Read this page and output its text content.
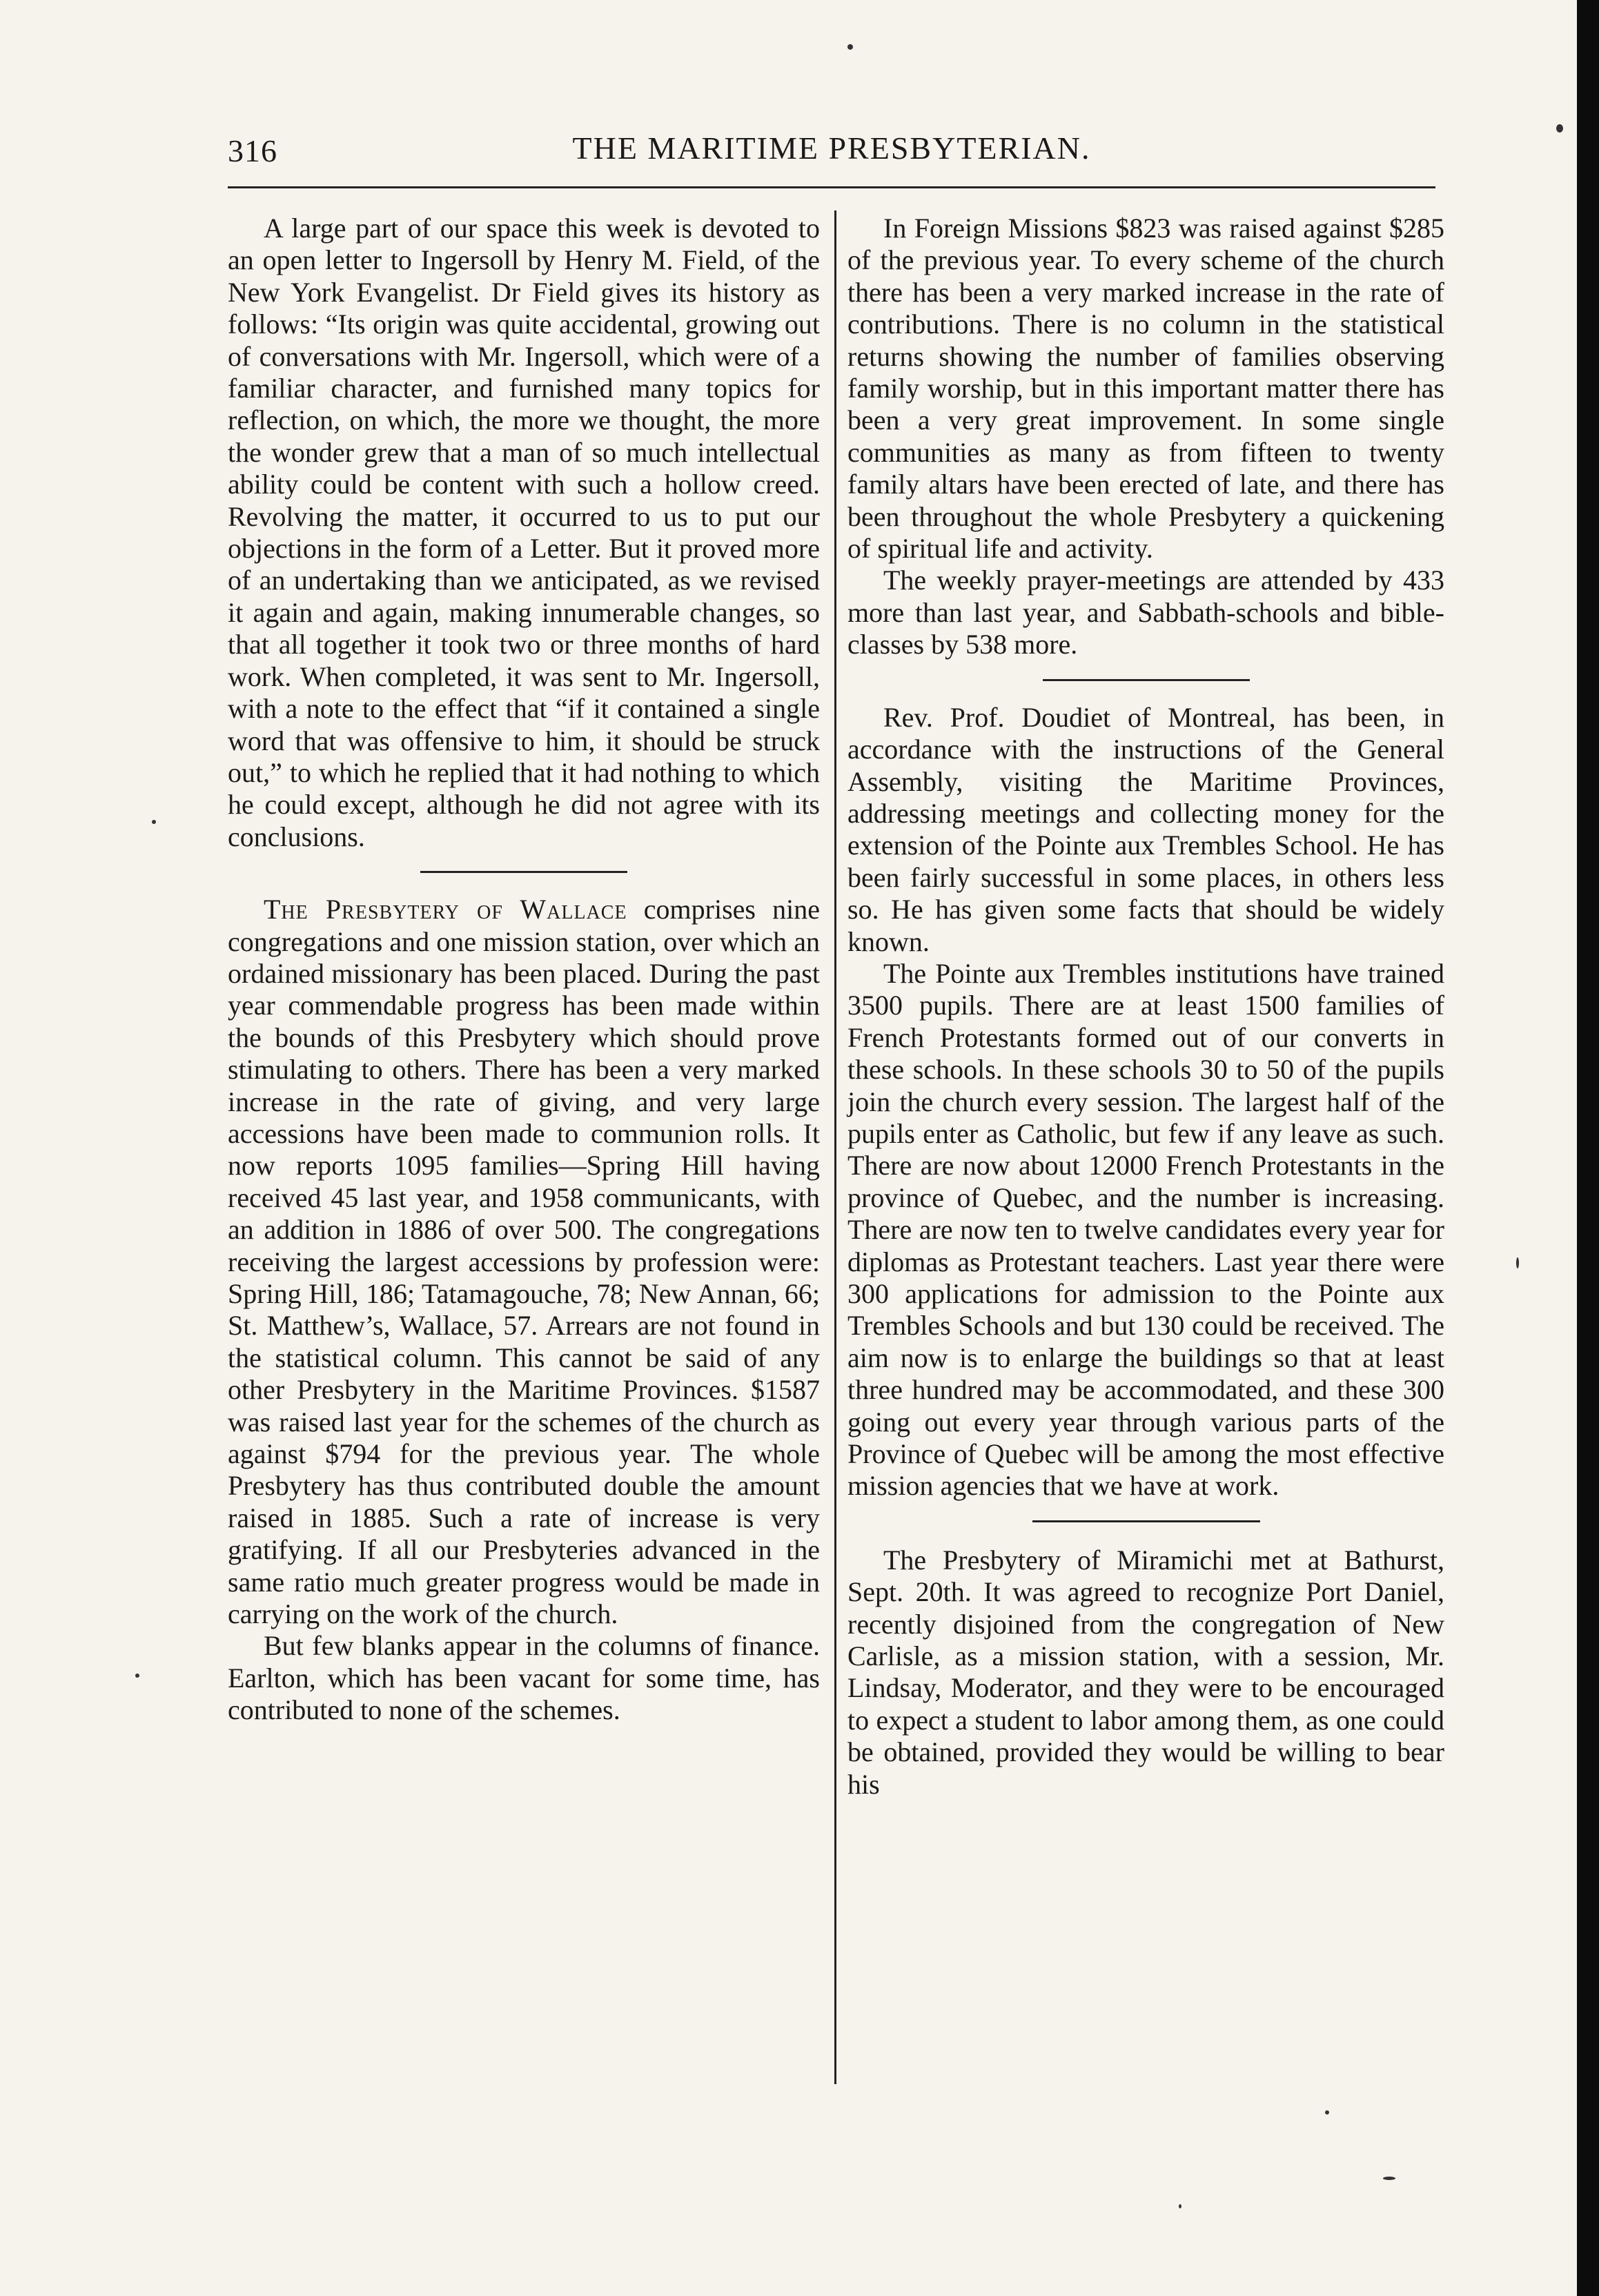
316	THE MARITIME PRESBYTERIAN.

A large part of our space this week is devoted to an open letter to Ingersoll by Henry M. Field, of the New York Evangelist. Dr Field gives its history as follows: “Its origin was quite accidental, growing out of conversations with Mr. Ingersoll, which were of a familiar character, and furnished many topics for reflection, on which, the more we thought, the more the wonder grew that a man of so much intellectual ability could be content with such a hollow creed. Revolving the matter, it occurred to us to put our objections in the form of a Letter. But it proved more of an undertaking than we anticipated, as we revised it again and again, making innumerable changes, so that all together it took two or three months of hard work. When completed, it was sent to Mr. Ingersoll, with a note to the effect that “if it contained a single word that was offensive to him, it should be struck out,” to which he replied that it had nothing to which he could except, although he did not agree with its conclusions.

The Presbytery of Wallace comprises nine congregations and one mission station, over which an ordained missionary has been placed. During the past year commendable progress has been made within the bounds of this Presbytery which should prove stimulating to others. There has been a very marked increase in the rate of giving, and very large accessions have been made to communion rolls. It now reports 1095 families—Spring Hill having received 45 last year, and 1958 communicants, with an addition in 1886 of over 500. The congregations receiving the largest accessions by profession were: Spring Hill, 186; Tatamagouche, 78; New Annan, 66; St. Matthew’s, Wallace, 57. Arrears are not found in the statistical column. This cannot be said of any other Presbytery in the Maritime Provinces. $1587 was raised last year for the schemes of the church as against $794 for the previous year. The whole Presbytery has thus contributed double the amount raised in 1885. Such a rate of increase is very gratifying. If all our Presbyteries advanced in the same ratio much greater progress would be made in carrying on the work of the church.

But few blanks appear in the columns of finance. Earlton, which has been vacant for some time, has contributed to none of the schemes.

In Foreign Missions $823 was raised against $285 of the previous year. To every scheme of the church there has been a very marked increase in the rate of contributions. There is no column in the statistical returns showing the number of families observing family worship, but in this important matter there has been a very great improvement. In some single communities as many as from fifteen to twenty family altars have been erected of late, and there has been throughout the whole Presbytery a quickening of spiritual life and activity.

The weekly prayer-meetings are attended by 433 more than last year, and Sabbath-schools and bible-classes by 538 more.

Rev. Prof. Doudiet of Montreal, has been, in accordance with the instructions of the General Assembly, visiting the Maritime Provinces, addressing meetings and collecting money for the extension of the Pointe aux Trembles School. He has been fairly successful in some places, in others less so. He has given some facts that should be widely known.

The Pointe aux Trembles institutions have trained 3500 pupils. There are at least 1500 families of French Protestants formed out of our converts in these schools. In these schools 30 to 50 of the pupils join the church every session. The largest half of the pupils enter as Catholic, but few if any leave as such. There are now about 12000 French Protestants in the province of Quebec, and the number is increasing. There are now ten to twelve candidates every year for diplomas as Protestant teachers. Last year there were 300 applications for admission to the Pointe aux Trembles Schools and but 130 could be received. The aim now is to enlarge the buildings so that at least three hundred may be accommodated, and these 300 going out every year through various parts of the Province of Quebec will be among the most effective mission agencies that we have at work.

The Presbytery of Miramichi met at Bathurst, Sept. 20th. It was agreed to recognize Port Daniel, recently disjoined from the congregation of New Carlisle, as a mission station, with a session, Mr. Lindsay, Moderator, and they were to be encouraged to expect a student to labor among them, as one could be obtained, provided they would be willing to bear his
